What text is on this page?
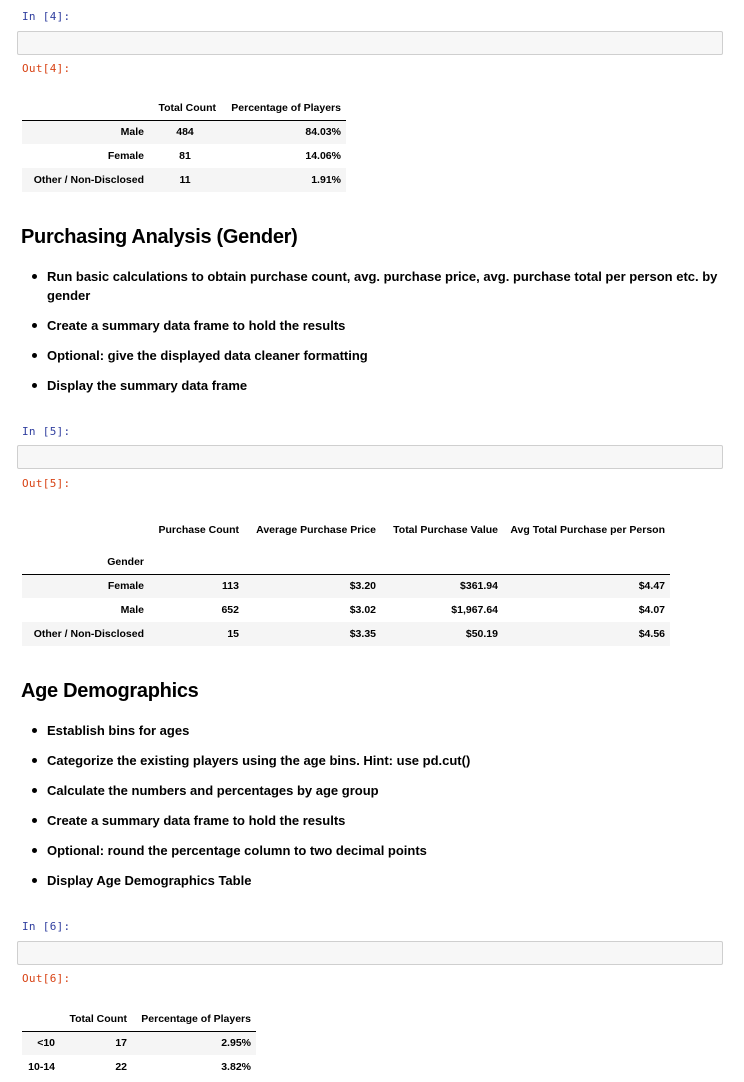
In [4]:
Out[4]:
	Total Count	Percentage of Players
Male	484	84.03%
Female	81	14.06%
Other / Non-Disclosed	11	1.91%
Purchasing Analysis (Gender)
Run basic calculations to obtain purchase count, avg. purchase price, avg. purchase total per person etc. by gender
Create a summary data frame to hold the results
Optional: give the displayed data cleaner formatting
Display the summary data frame
In [5]:
Out[5]:
	Purchase Count	Average Purchase Price	Total Purchase Value	Avg Total Purchase per Person
Gender				
Female	113	$3.20	$361.94	$4.47
Male	652	$3.02	$1,967.64	$4.07
Other / Non-Disclosed	15	$3.35	$50.19	$4.56
Age Demographics
Establish bins for ages
Categorize the existing players using the age bins. Hint: use pd.cut()
Calculate the numbers and percentages by age group
Create a summary data frame to hold the results
Optional: round the percentage column to two decimal points
Display Age Demographics Table
In [6]:
Out[6]:
	Total Count	Percentage of Players
<10	17	2.95%
10-14	22	3.82%
